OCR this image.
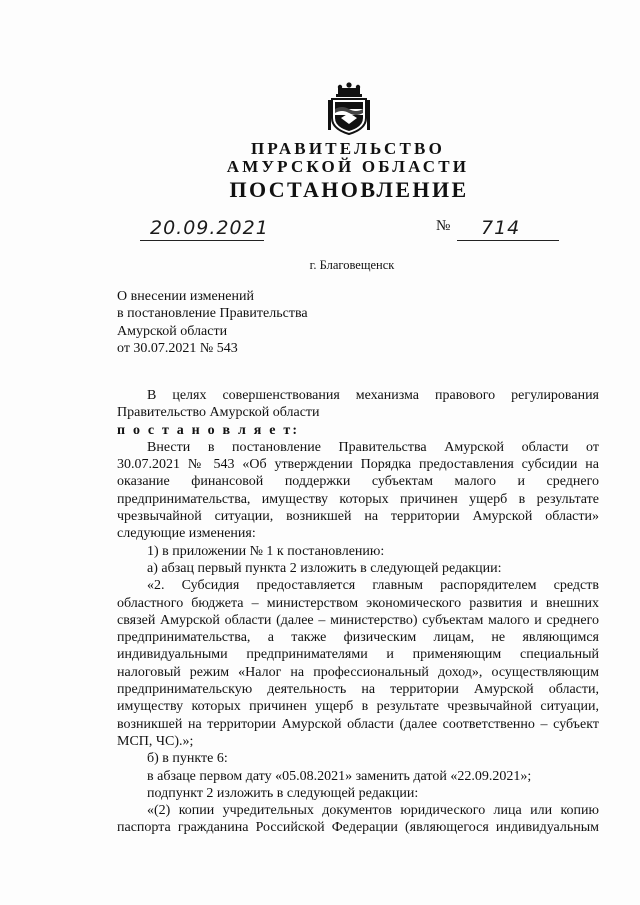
ПРАВИТЕЛЬСТВО
АМУРСКОЙ ОБЛАСТИ
ПОСТАНОВЛЕНИЕ
20.09.2021	№ 714
г. Благовещенск
О внесении изменений
в постановление Правительства
Амурской области
от 30.07.2021 № 543
В целях совершенствования механизма правового регулирования
Правительство Амурской области
п о с т а н о в л я е т:
Внести в постановление Правительства Амурской области от
30.07.2021 № 543 «Об утверждении Порядка предоставления субсидии на
оказание финансовой поддержки субъектам малого и среднего
предпринимательства, имуществу которых причинен ущерб в результате
чрезвычайной ситуации, возникшей на территории Амурской области»
следующие изменения:
1) в приложении № 1 к постановлению:
а) абзац первый пункта 2 изложить в следующей редакции:
«2. Субсидия предоставляется главным распорядителем средств
областного бюджета – министерством экономического развития и внешних
связей Амурской области (далее – министерство) субъектам малого и среднего
предпринимательства, а также физическим лицам, не являющимся
индивидуальными предпринимателями и применяющим специальный
налоговый режим «Налог на профессиональный доход», осуществляющим
предпринимательскую деятельность на территории Амурской области,
имуществу которых причинен ущерб в результате чрезвычайной ситуации,
возникшей на территории Амурской области (далее соответственно – субъект
МСП, ЧС).»;
б) в пункте 6:
в абзаце первом дату «05.08.2021» заменить датой «22.09.2021»;
подпункт 2 изложить в следующей редакции:
«(2) копии учредительных документов юридического лица или копию
паспорта гражданина Российской Федерации (являющегося индивидуальным
